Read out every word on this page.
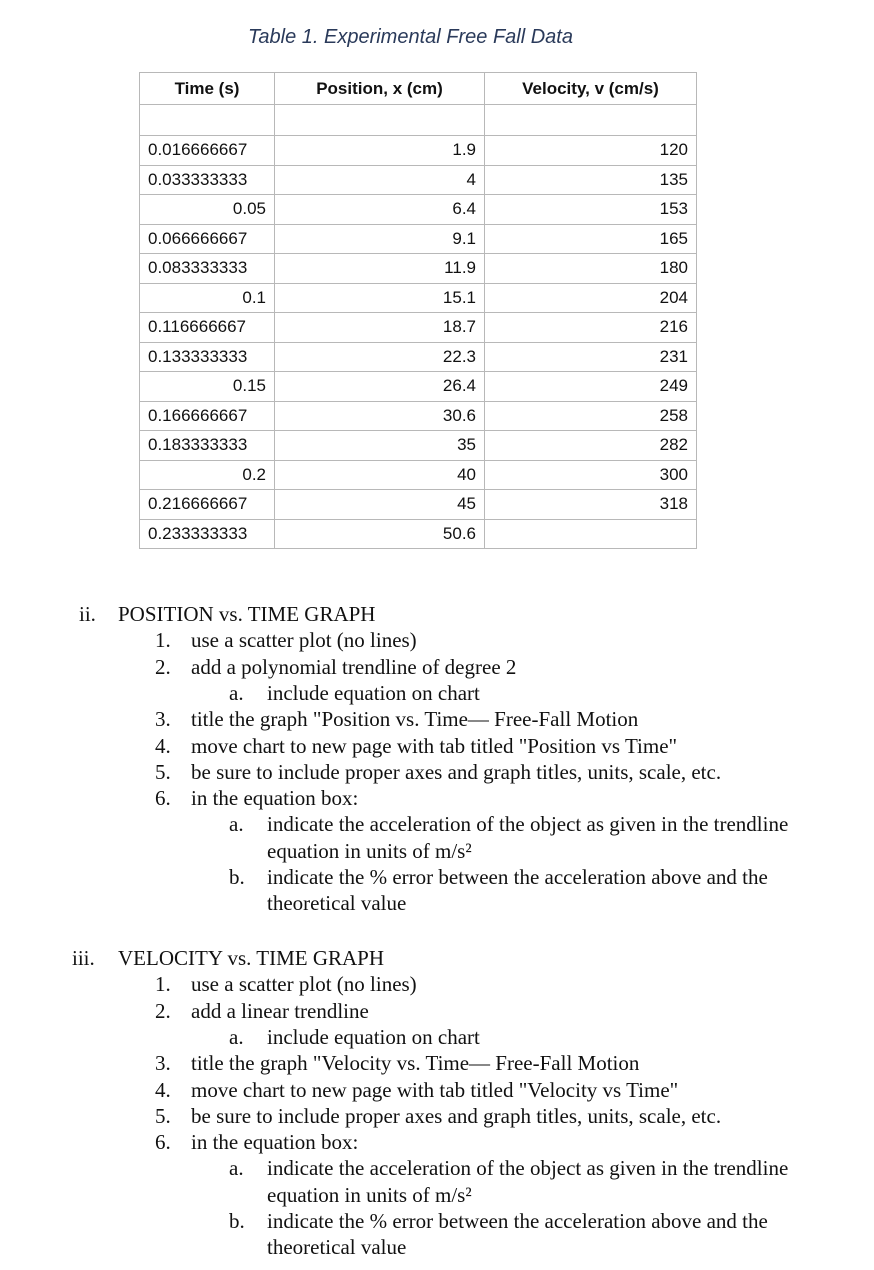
Table 1. Experimental Free Fall Data
Time (s)	Position, x (cm)	Velocity, v (cm/s)

0.016666667	1.9	120
0.033333333	4	135
0.05	6.4	153
0.066666667	9.1	165
0.083333333	11.9	180
0.1	15.1	204
0.116666667	18.7	216
0.133333333	22.3	231
0.15	26.4	249
0.166666667	30.6	258
0.183333333	35	282
0.2	40	300
0.216666667	45	318
0.233333333	50.6	
ii. POSITION vs. TIME GRAPH
1. use a scatter plot (no lines)
2. add a polynomial trendline of degree 2
a. include equation on chart
3. title the graph "Position vs. Time— Free-Fall Motion
4. move chart to new page with tab titled "Position vs Time"
5. be sure to include proper axes and graph titles, units, scale, etc.
6. in the equation box:
a. indicate the acceleration of the object as given in the trendline
equation in units of m/s²
b. indicate the % error between the acceleration above and the
theoretical value
iii. VELOCITY vs. TIME GRAPH
1. use a scatter plot (no lines)
2. add a linear trendline
a. include equation on chart
3. title the graph "Velocity vs. Time— Free-Fall Motion
4. move chart to new page with tab titled "Velocity vs Time"
5. be sure to include proper axes and graph titles, units, scale, etc.
6. in the equation box:
a. indicate the acceleration of the object as given in the trendline
equation in units of m/s²
b. indicate the % error between the acceleration above and the
theoretical value
